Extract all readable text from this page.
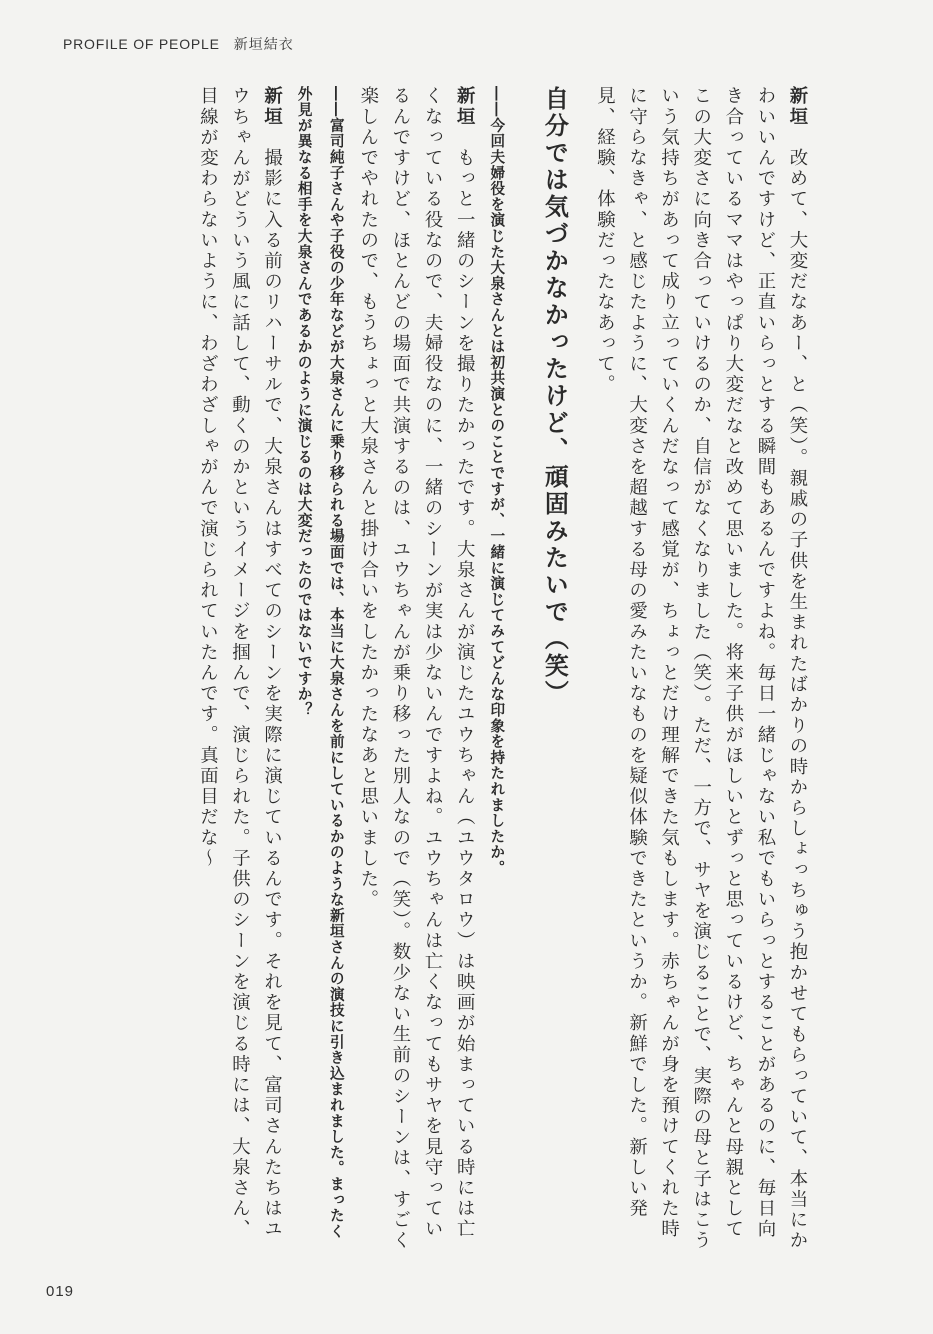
PROFILE OF PEOPLE 新垣結衣
新垣　改めて、大変だなあー、と（笑）。親戚の子供を生まれたばかりの時からしょっちゅう抱かせてもらっていて、本当にかわいいんですけど、正直いらっとする瞬間もあるんですよね。毎日一緒じゃない私でもいらっとすることがあるのに、毎日向き合っているママはやっぱり大変だなと改めて思いました。将来子供がほしいとずっと思っているけど、ちゃんと母親としてこの大変さに向き合っていけるのか、自信がなくなりました（笑）。ただ、一方で、サヤを演じることで、実際の母と子はこういう気持ちがあって成り立っていくんだなって感覚が、ちょっとだけ理解できた気もします。赤ちゃんが身を預けてくれた時に守らなきゃ、と感じたように、大変さを超越する母の愛みたいなものを疑似体験できたというか。新鮮でした。新しい発見、経験、体験だったなあって。
自分では気づかなかったけど、頑固みたいで（笑）
――今回夫婦役を演じた大泉さんとは初共演とのことですが、一緒に演じてみてどんな印象を持たれましたか。
新垣　もっと一緒のシーンを撮りたかったです。大泉さんが演じたユウちゃん（ユウタロウ）は映画が始まっている時には亡くなっている役なので、夫婦役なのに、一緒のシーンが実は少ないんですよね。ユウちゃんは亡くなってもサヤを見守っているんですけど、ほとんどの場面で共演するのは、ユウちゃんが乗り移った別人なので（笑）。数少ない生前のシーンは、すごく楽しんでやれたので、もうちょっと大泉さんと掛け合いをしたかったなあと思いました。
――富司純子さんや子役の少年などが大泉さんに乗り移られる場面では、本当に大泉さんを前にしているかのような新垣さんの演技に引き込まれました。まったく外見が異なる相手を大泉さんであるかのように演じるのは大変だったのではないですか？
新垣　撮影に入る前のリハーサルで、大泉さんはすべてのシーンを実際に演じているんです。それを見て、富司さんたちはユウちゃんがどういう風に話して、動くのかというイメージを掴んで、演じられた。子供のシーンを演じる時には、大泉さん、目線が変わらないように、わざわざしゃがんで演じられていたんです。真面目だな～
019
